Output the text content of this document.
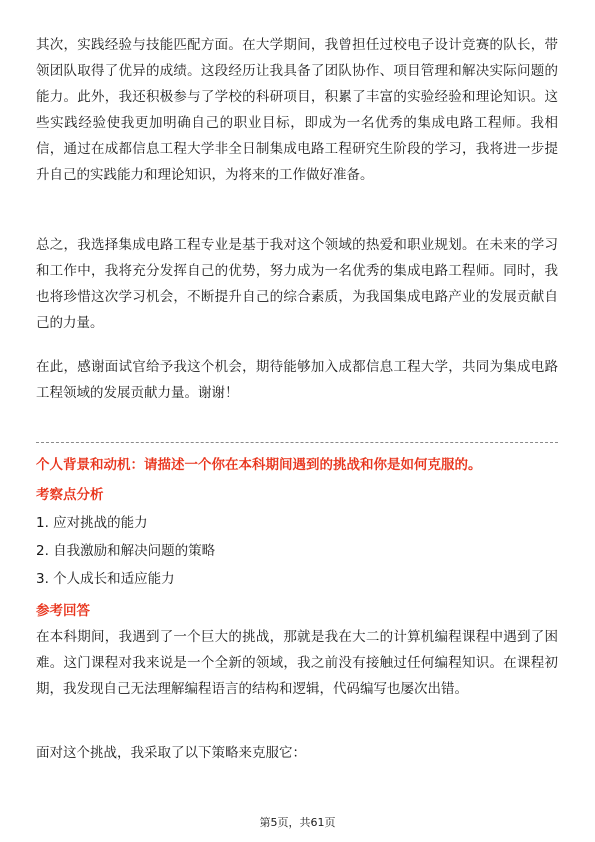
其次，实践经验与技能匹配方面。在大学期间，我曾担任过校电子设计竞赛的队长，带领团队取得了优异的成绩。这段经历让我具备了团队协作、项目管理和解决实际问题的能力。此外，我还积极参与了学校的科研项目，积累了丰富的实验经验和理论知识。这些实践经验使我更加明确自己的职业目标，即成为一名优秀的集成电路工程师。我相信，通过在成都信息工程大学非全日制集成电路工程研究生阶段的学习，我将进一步提升自己的实践能力和理论知识，为将来的工作做好准备。

总之，我选择集成电路工程专业是基于我对这个领域的热爱和职业规划。在未来的学习和工作中，我将充分发挥自己的优势，努力成为一名优秀的集成电路工程师。同时，我也将珍惜这次学习机会，不断提升自己的综合素质，为我国集成电路产业的发展贡献自己的力量。

在此，感谢面试官给予我这个机会，期待能够加入成都信息工程大学，共同为集成电路工程领域的发展贡献力量。谢谢！

个人背景和动机：请描述一个你在本科期间遇到的挑战和你是如何克服的。

考察点分析

1. 应对挑战的能力

2. 自我激励和解决问题的策略

3. 个人成长和适应能力

参考回答

在本科期间，我遇到了一个巨大的挑战，那就是我在大二的计算机编程课程中遇到了困难。这门课程对我来说是一个全新的领域，我之前没有接触过任何编程知识。在课程初期，我发现自己无法理解编程语言的结构和逻辑，代码编写也屡次出错。

面对这个挑战，我采取了以下策略来克服它：

第5页，共61页
